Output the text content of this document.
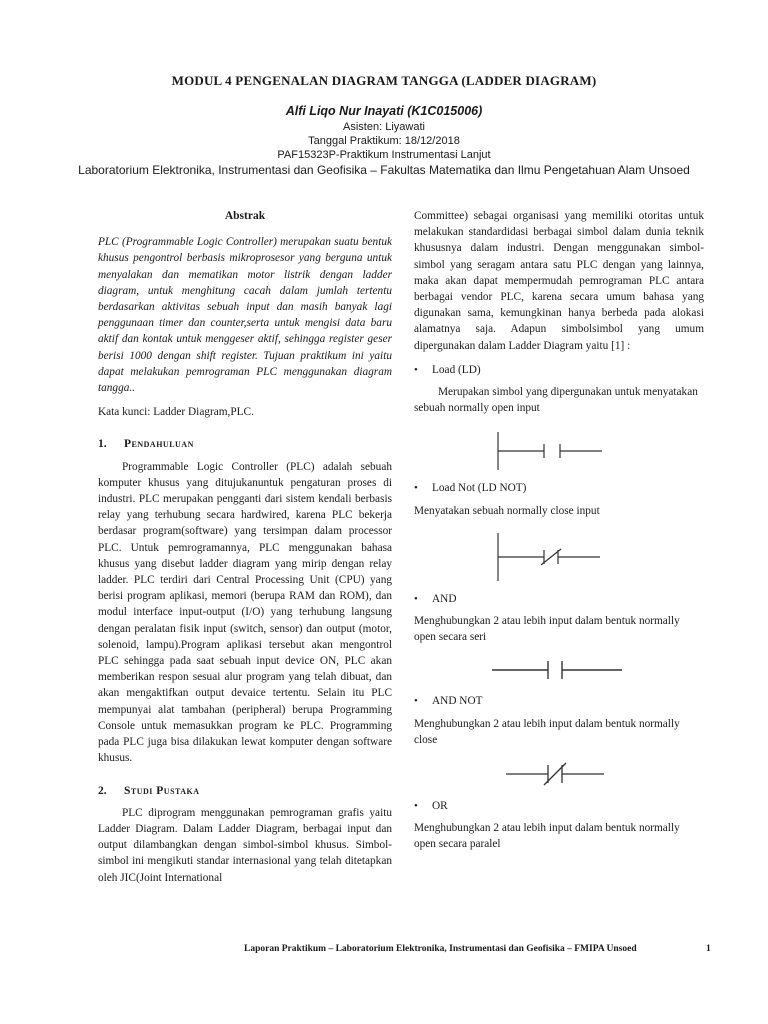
MODUL 4 PENGENALAN DIAGRAM TANGGA (LADDER DIAGRAM)
Alfi Liqo Nur Inayati (K1C015006)
Asisten: Liyawati
Tanggal Praktikum: 18/12/2018
PAF15323P-Praktikum Instrumentasi Lanjut
Laboratorium Elektronika, Instrumentasi dan Geofisika – Fakultas Matematika dan Ilmu Pengetahuan Alam Unsoed

Abstrak

PLC (Programmable Logic Controller) merupakan suatu bentuk khusus pengontrol berbasis mikroprosesor yang berguna untuk menyalakan dan mematikan motor listrik dengan ladder diagram, untuk menghitung cacah dalam jumlah tertentu berdasarkan aktivitas sebuah input dan masih banyak lagi penggunaan timer dan counter,serta untuk mengisi data baru aktif dan kontak untuk menggeser aktif, sehingga register geser berisi 1000 dengan shift register. Tujuan praktikum ini yaitu dapat melakukan pemrograman PLC menggunakan diagram tangga..

Kata kunci: Ladder Diagram,PLC.

1.	Pendahuluan

Programmable Logic Controller (PLC) adalah sebuah komputer khusus yang ditujukanuntuk pengaturan proses di industri. PLC merupakan pengganti dari sistem kendali berbasis relay yang terhubung secara hardwired, karena PLC bekerja berdasar program(software) yang tersimpan dalam processor PLC. Untuk pemrogramannya, PLC menggunakan bahasa khusus yang disebut ladder diagram yang mirip dengan relay ladder. PLC terdiri dari Central Processing Unit (CPU) yang berisi program aplikasi, memori (berupa RAM dan ROM), dan modul interface input-output (I/O) yang terhubung langsung dengan peralatan fisik input (switch, sensor) dan output (motor, solenoid, lampu).Program aplikasi tersebut akan mengontrol PLC sehingga pada saat sebuah input device ON, PLC akan memberikan respon sesuai alur program yang telah dibuat, dan akan mengaktifkan output devaice tertentu. Selain itu PLC mempunyai alat tambahan (peripheral) berupa Programming Console untuk memasukkan program ke PLC. Programming pada PLC juga bisa dilakukan lewat komputer dengan software khusus.

2.	Studi Pustaka

PLC diprogram menggunakan pemrograman grafis yaitu Ladder Diagram. Dalam Ladder Diagram, berbagai input dan output dilambangkan dengan simbol-simbol khusus. Simbol-simbol ini mengikuti standar internasional yang telah ditetapkan oleh JIC(Joint International

Committee) sebagai organisasi yang memiliki otoritas untuk melakukan standardidasi berbagai simbol dalam dunia teknik khususnya dalam industri. Dengan menggunakan simbol-simbol yang seragam antara satu PLC dengan yang lainnya, maka akan dapat mempermudah pemrograman PLC antara berbagai vendor PLC, karena secara umum bahasa yang digunakan sama, kemungkinan hanya berbeda pada alokasi alamatnya saja. Adapun simbolsimbol yang umum dipergunakan dalam Ladder Diagram yaitu [1] :

•	Load (LD)

Merupakan simbol yang dipergunakan untuk menyatakan sebuah normally open input

•	Load Not (LD NOT)

Menyatakan sebuah normally close input

•	AND

Menghubungkan 2 atau lebih input dalam bentuk normally open secara seri

•	AND NOT

Menghubungkan 2 atau lebih input dalam bentuk normally close

•	OR

Menghubungkan 2 atau lebih input dalam bentuk normally open secara paralel

Laporan Praktikum – Laboratorium Elektronika, Instrumentasi dan Geofisika – FMIPA Unsoed	1
